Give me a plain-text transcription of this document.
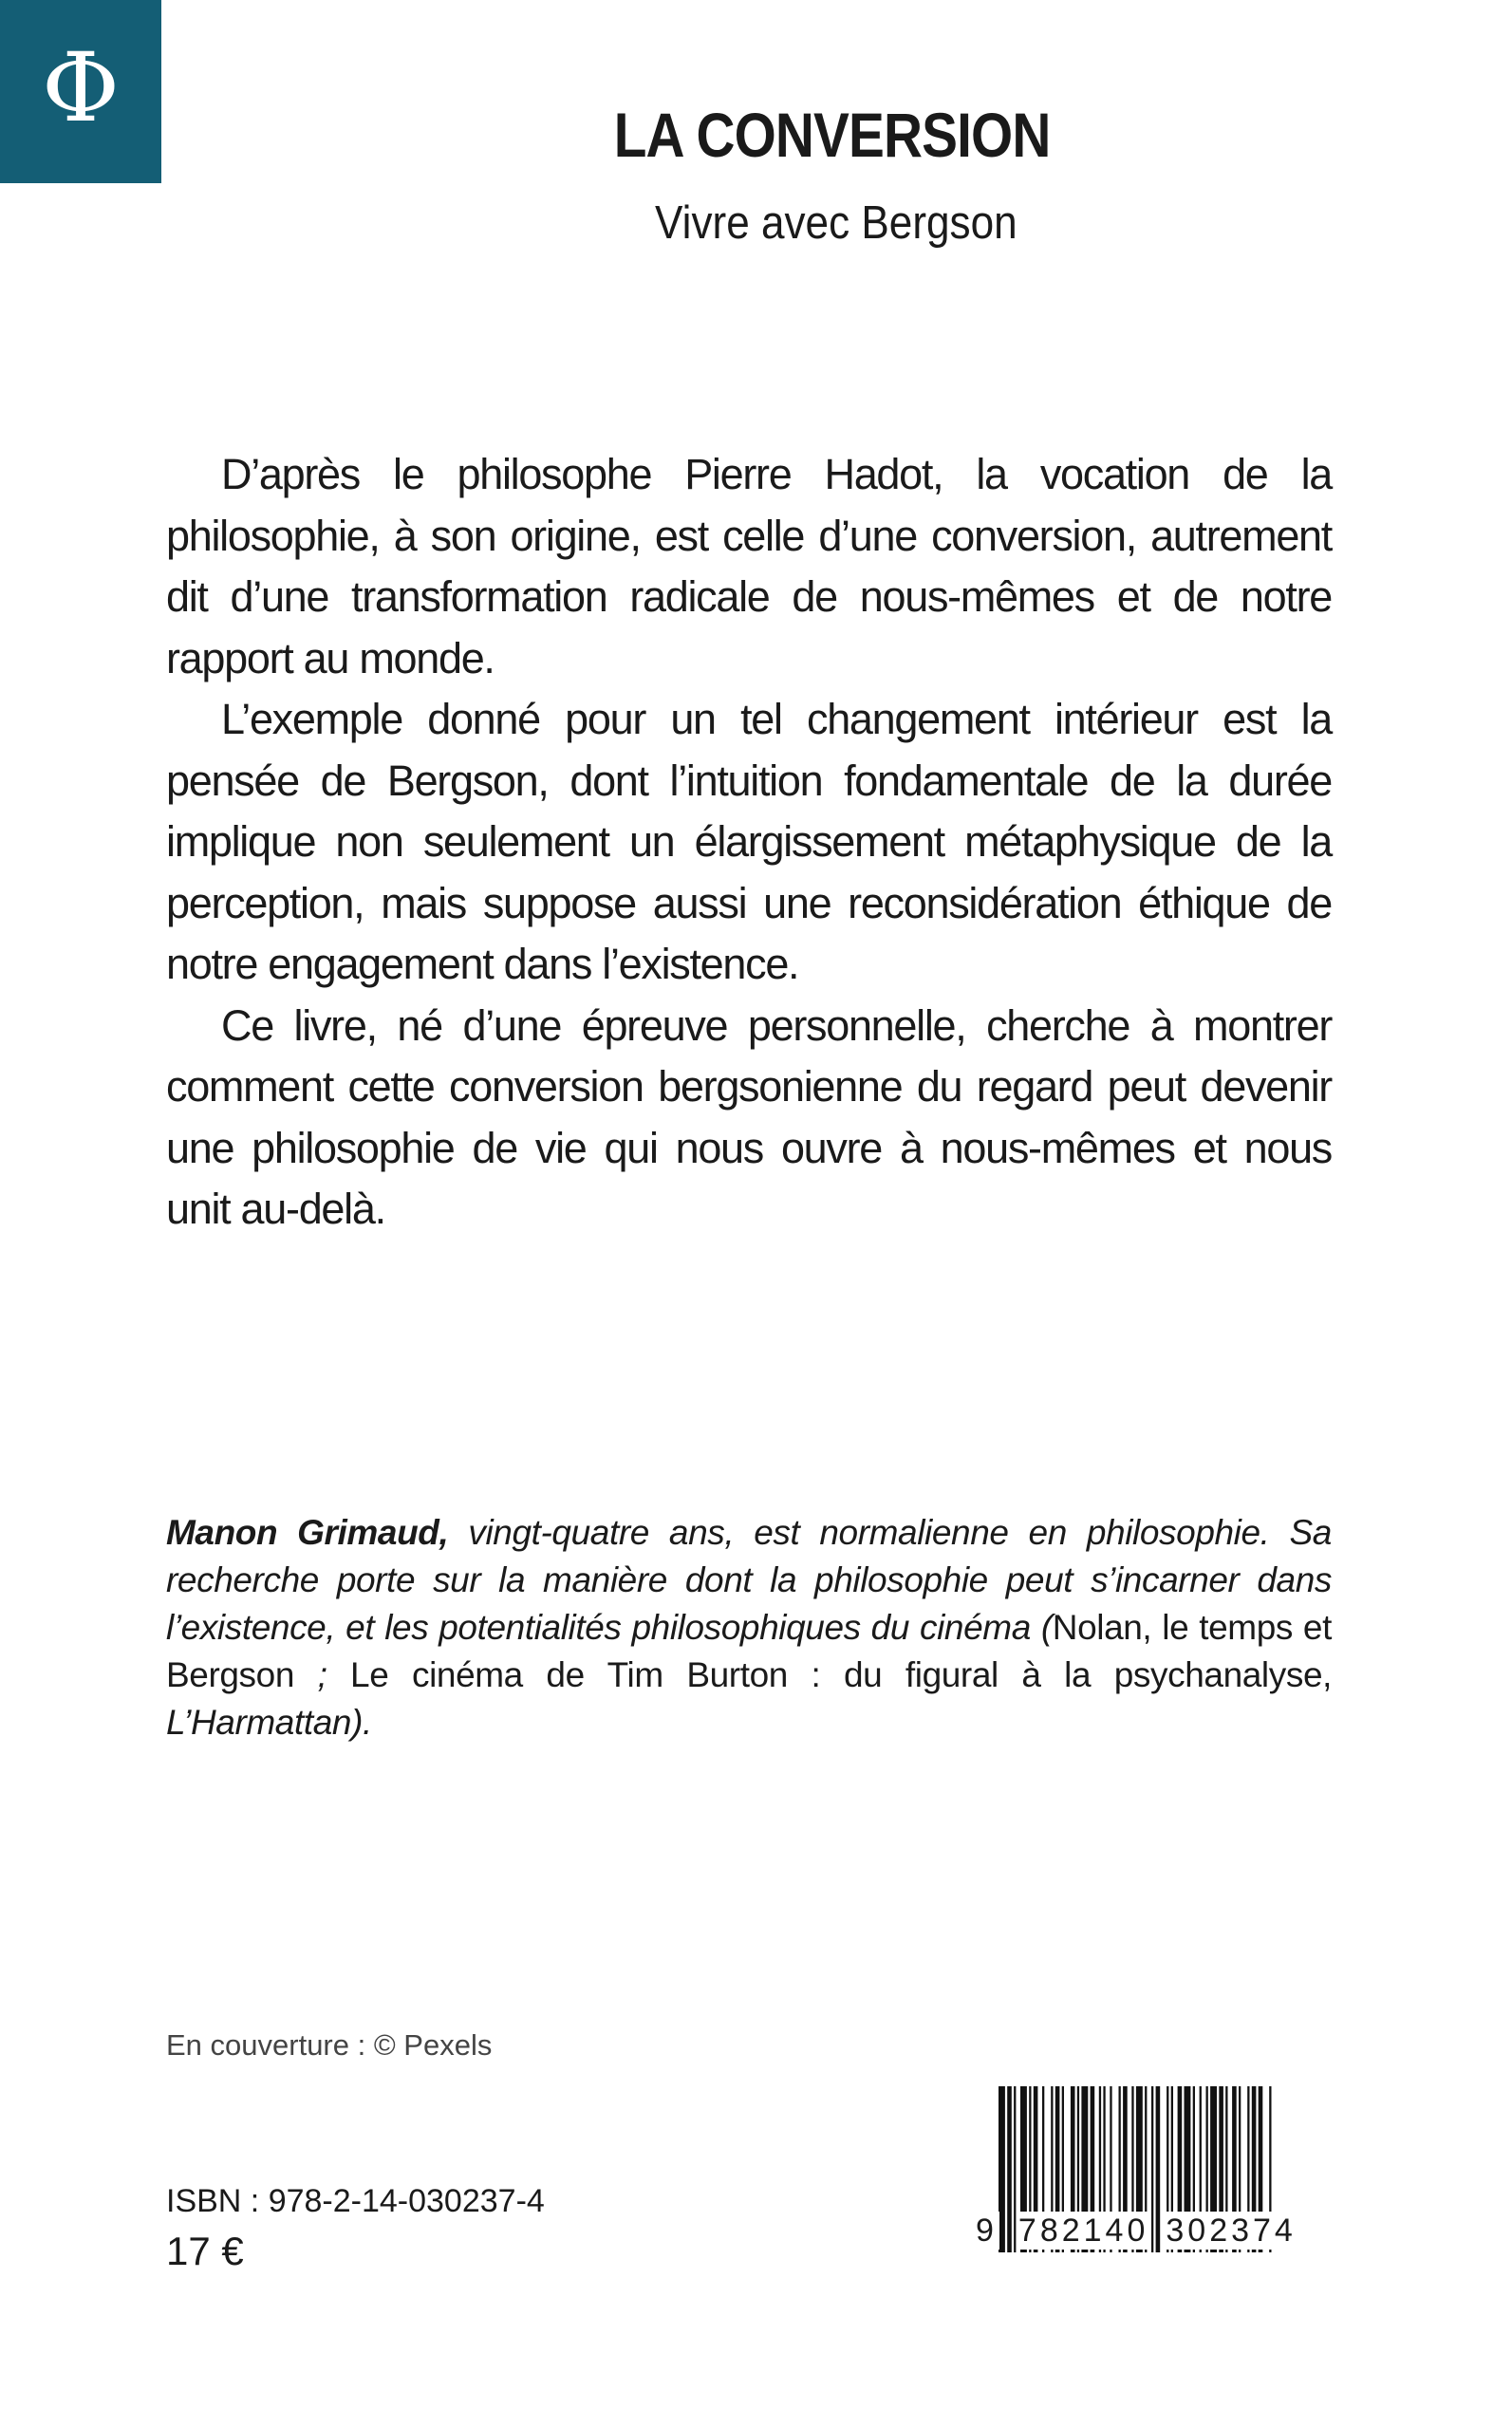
Φ	LA CONVERSION
Vivre avec Bergson

D’après le philosophe Pierre Hadot, la vocation de la philosophie, à son origine, est celle d’une conversion, autrement dit d’une transformation radicale de nous-mêmes et de notre rapport au monde.

L’exemple donné pour un tel changement intérieur est la pensée de Bergson, dont l’intuition fondamentale de la durée implique non seulement un élargissement métaphysique de la perception, mais suppose aussi une reconsidération éthique de notre engagement dans l’existence.

Ce livre, né d’une épreuve personnelle, cherche à montrer comment cette conversion bergsonienne du regard peut devenir une philosophie de vie qui nous ouvre à nous-mêmes et nous unit au-delà.

Manon Grimaud, vingt-quatre ans, est normalienne en philosophie. Sa recherche porte sur la manière dont la philosophie peut s’incarner dans l’existence, et les potentialités philosophiques du cinéma (Nolan, le temps et Bergson ; Le cinéma de Tim Burton : du figural à la psychanalyse, L’Harmattan).
En couverture : © Pexels
ISBN : 978-2-14-030237-4
17 €	9 782140 302374
